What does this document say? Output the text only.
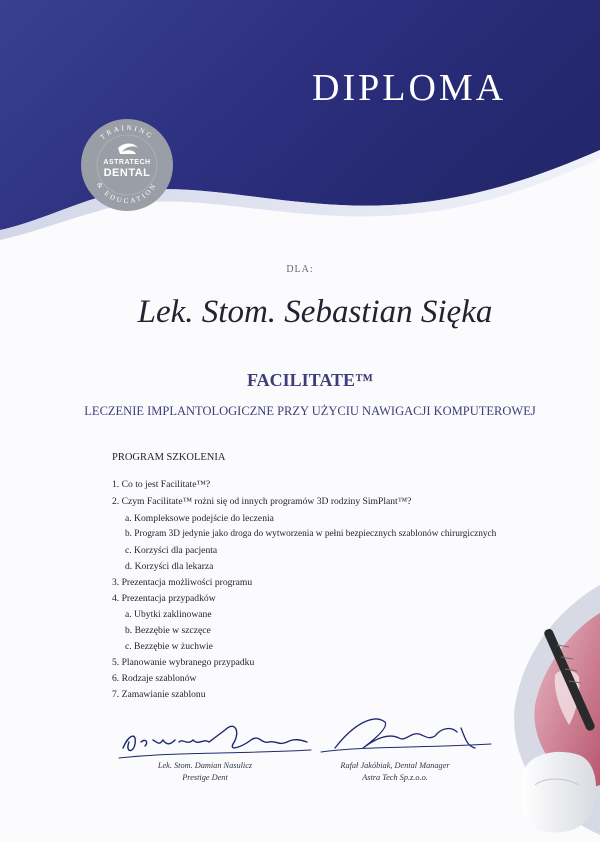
DIPLOMA
TRAINING
& EDUCATION
ASTRATECH
DENTAL
DLA:
Lek. Stom. Sebastian Sięka
FACILITATE™
LECZENIE IMPLANTOLOGICZNE PRZY UŻYCIU NAWIGACJI KOMPUTEROWEJ
PROGRAM SZKOLENIA
1. Co to jest Facilitate™?
2. Czym Facilitate™ rożni się od innych programów 3D rodziny SimPlant™?
a. Kompleksowe podejście do leczenia
b. Program 3D jedynie jako droga do wytworzenia w pełni bezpiecznych szablonów chirurgicznych
c. Korzyści dla pacjenta
d. Korzyści dla lekarza
3. Prezentacja możliwości programu
4. Prezentacja przypadków
a. Ubytki zaklinowane
b. Bezzębie w szczęce
c. Bezzębie w żuchwie
5. Planowanie wybranego przypadku
6. Rodzaje szablonów
7. Zamawianie szablonu
Lek. Stom. Damian Nasulicz
Prestige Dent
Rafał Jakóbiak, Dental Manager
Astra Tech Sp.z.o.o.
